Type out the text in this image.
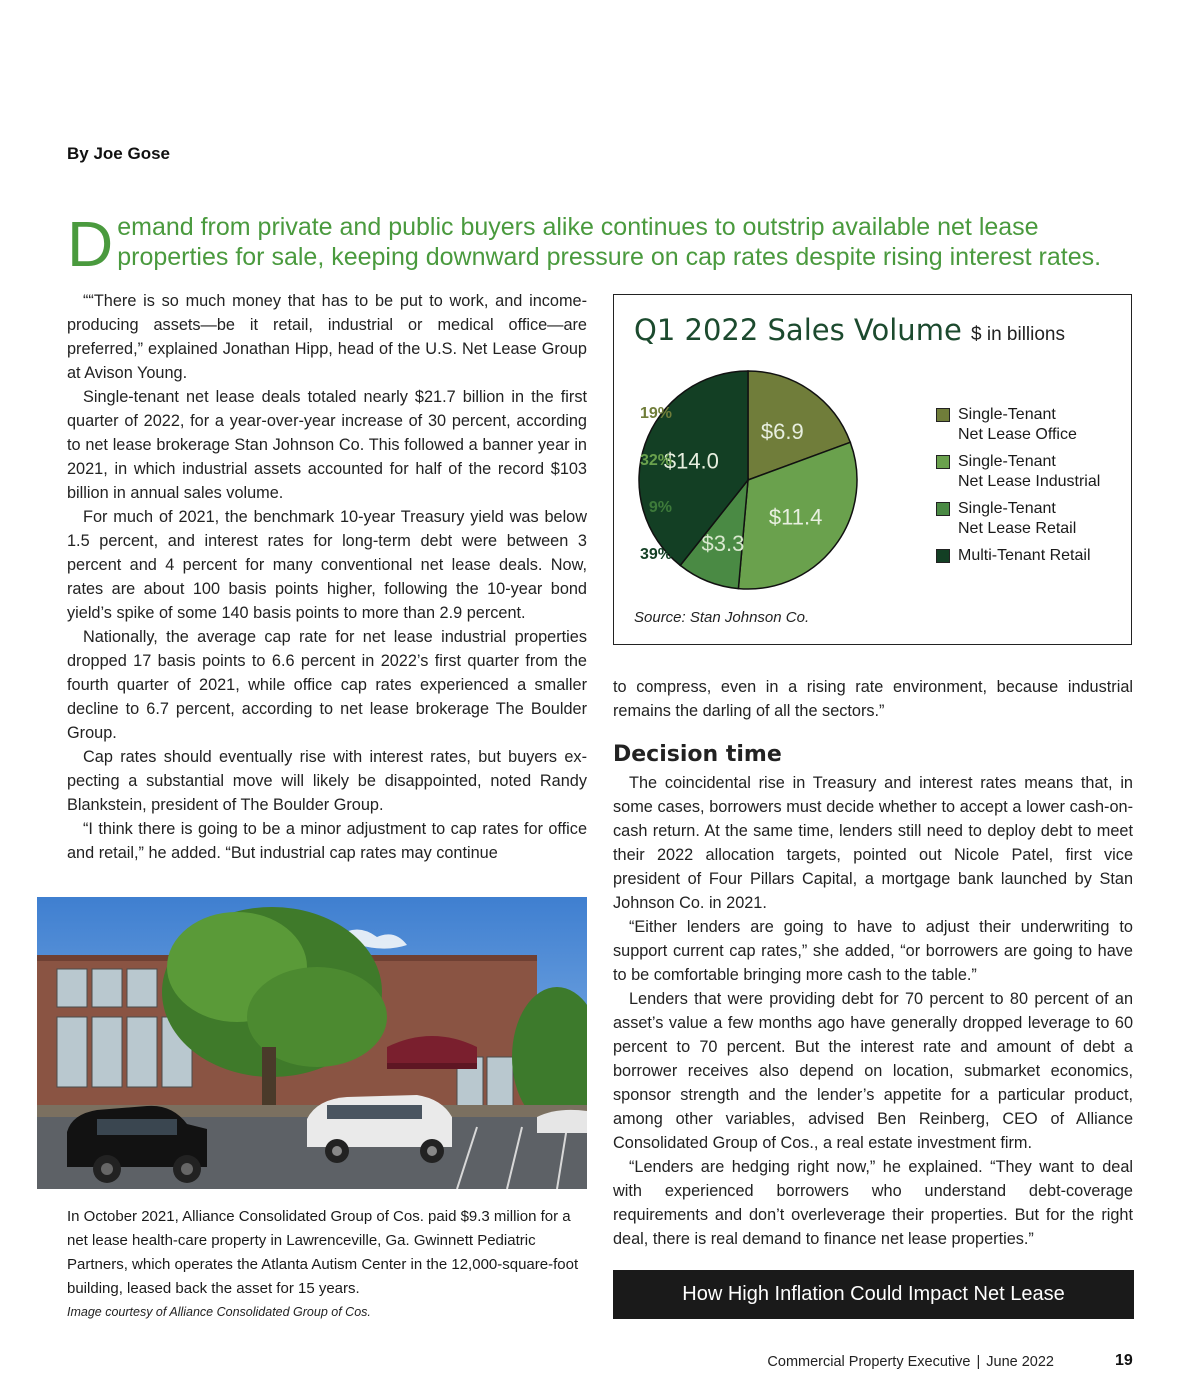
By Joe Gose
Demand from private and public buyers alike continues to outstrip available net lease properties for sale, keeping downward pressure on cap rates despite rising interest rates.

““There is so much money that has to be put to work, and income-producing assets—be it retail, industrial or medical office—are preferred,” explained Jonathan Hipp, head of the U.S. Net Lease Group at Avison Young.

Single-tenant net lease deals totaled nearly $21.7 billion in the first quarter of 2022, for a year-over-year increase of 30 percent, according to net lease brokerage Stan Johnson Co. This followed a banner year in 2021, in which industrial assets accounted for half of the record $103 billion in annual sales volume.

For much of 2021, the benchmark 10-year Treasury yield was below 1.5 percent, and interest rates for long-term debt were between 3 percent and 4 percent for many conventional net lease deals. Now, rates are about 100 basis points higher, following the 10-year bond yield’s spike of some 140 basis points to more than 2.9 percent.

Nationally, the average cap rate for net lease industrial properties dropped 17 basis points to 6.6 percent in 2022’s first quarter from the fourth quarter of 2021, while office cap rates experienced a smaller decline to 6.7 percent, according to net lease brokerage The Boulder Group.

Cap rates should eventually rise with interest rates, but buyers ex-pecting a substantial move will likely be disappointed, noted Randy Blankstein, president of The Boulder Group.

“I think there is going to be a minor adjustment to cap rates for office and retail,” he added. “But industrial cap rates may continue

Q1 2022 Sales Volume $ in billions
$6.9
$11.4
$3.3
$14.0
19%	Single-Tenant
Net Lease Office
32%	Single-Tenant
Net Lease Industrial
9%	Single-Tenant
Net Lease Retail
39%	Multi-Tenant Retail
Source: Stan Johnson Co.

to compress, even in a rising rate environment, because industrial remains the darling of all the sectors.”

Decision time

The coincidental rise in Treasury and interest rates means that, in some cases, borrowers must decide whether to accept a lower cash-on-cash return. At the same time, lenders still need to deploy debt to meet their 2022 allocation targets, pointed out Nicole Patel, first vice president of Four Pillars Capital, a mortgage bank launched by Stan Johnson Co. in 2021.

“Either lenders are going to have to adjust their underwriting to support current cap rates,” she added, “or borrowers are going to have to be comfortable bringing more cash to the table.”

Lenders that were providing debt for 70 percent to 80 percent of an asset’s value a few months ago have generally dropped leverage to 60 percent to 70 percent. But the interest rate and amount of debt a borrower receives also depend on location, submarket economics, sponsor strength and the lender’s appetite for a particular product, among other variables, advised Ben Reinberg, CEO of Alliance Consolidated Group of Cos., a real estate investment firm.

“Lenders are hedging right now,” he explained. “They want to deal with experienced borrowers who understand debt-coverage requirements and don’t overleverage their properties. But for the right deal, there is real demand to finance net lease properties.”

In October 2021, Alliance Consolidated Group of Cos. paid $9.3 million for a net lease health-care property in Lawrenceville, Ga. Gwinnett Pediatric Partners, which operates the Atlanta Autism Center in the 12,000-square-foot building, leased back the asset for 15 years.
Image courtesy of Alliance Consolidated Group of Cos.
How High Inflation Could Impact Net Lease
Commercial Property Executive | June 2022	19
